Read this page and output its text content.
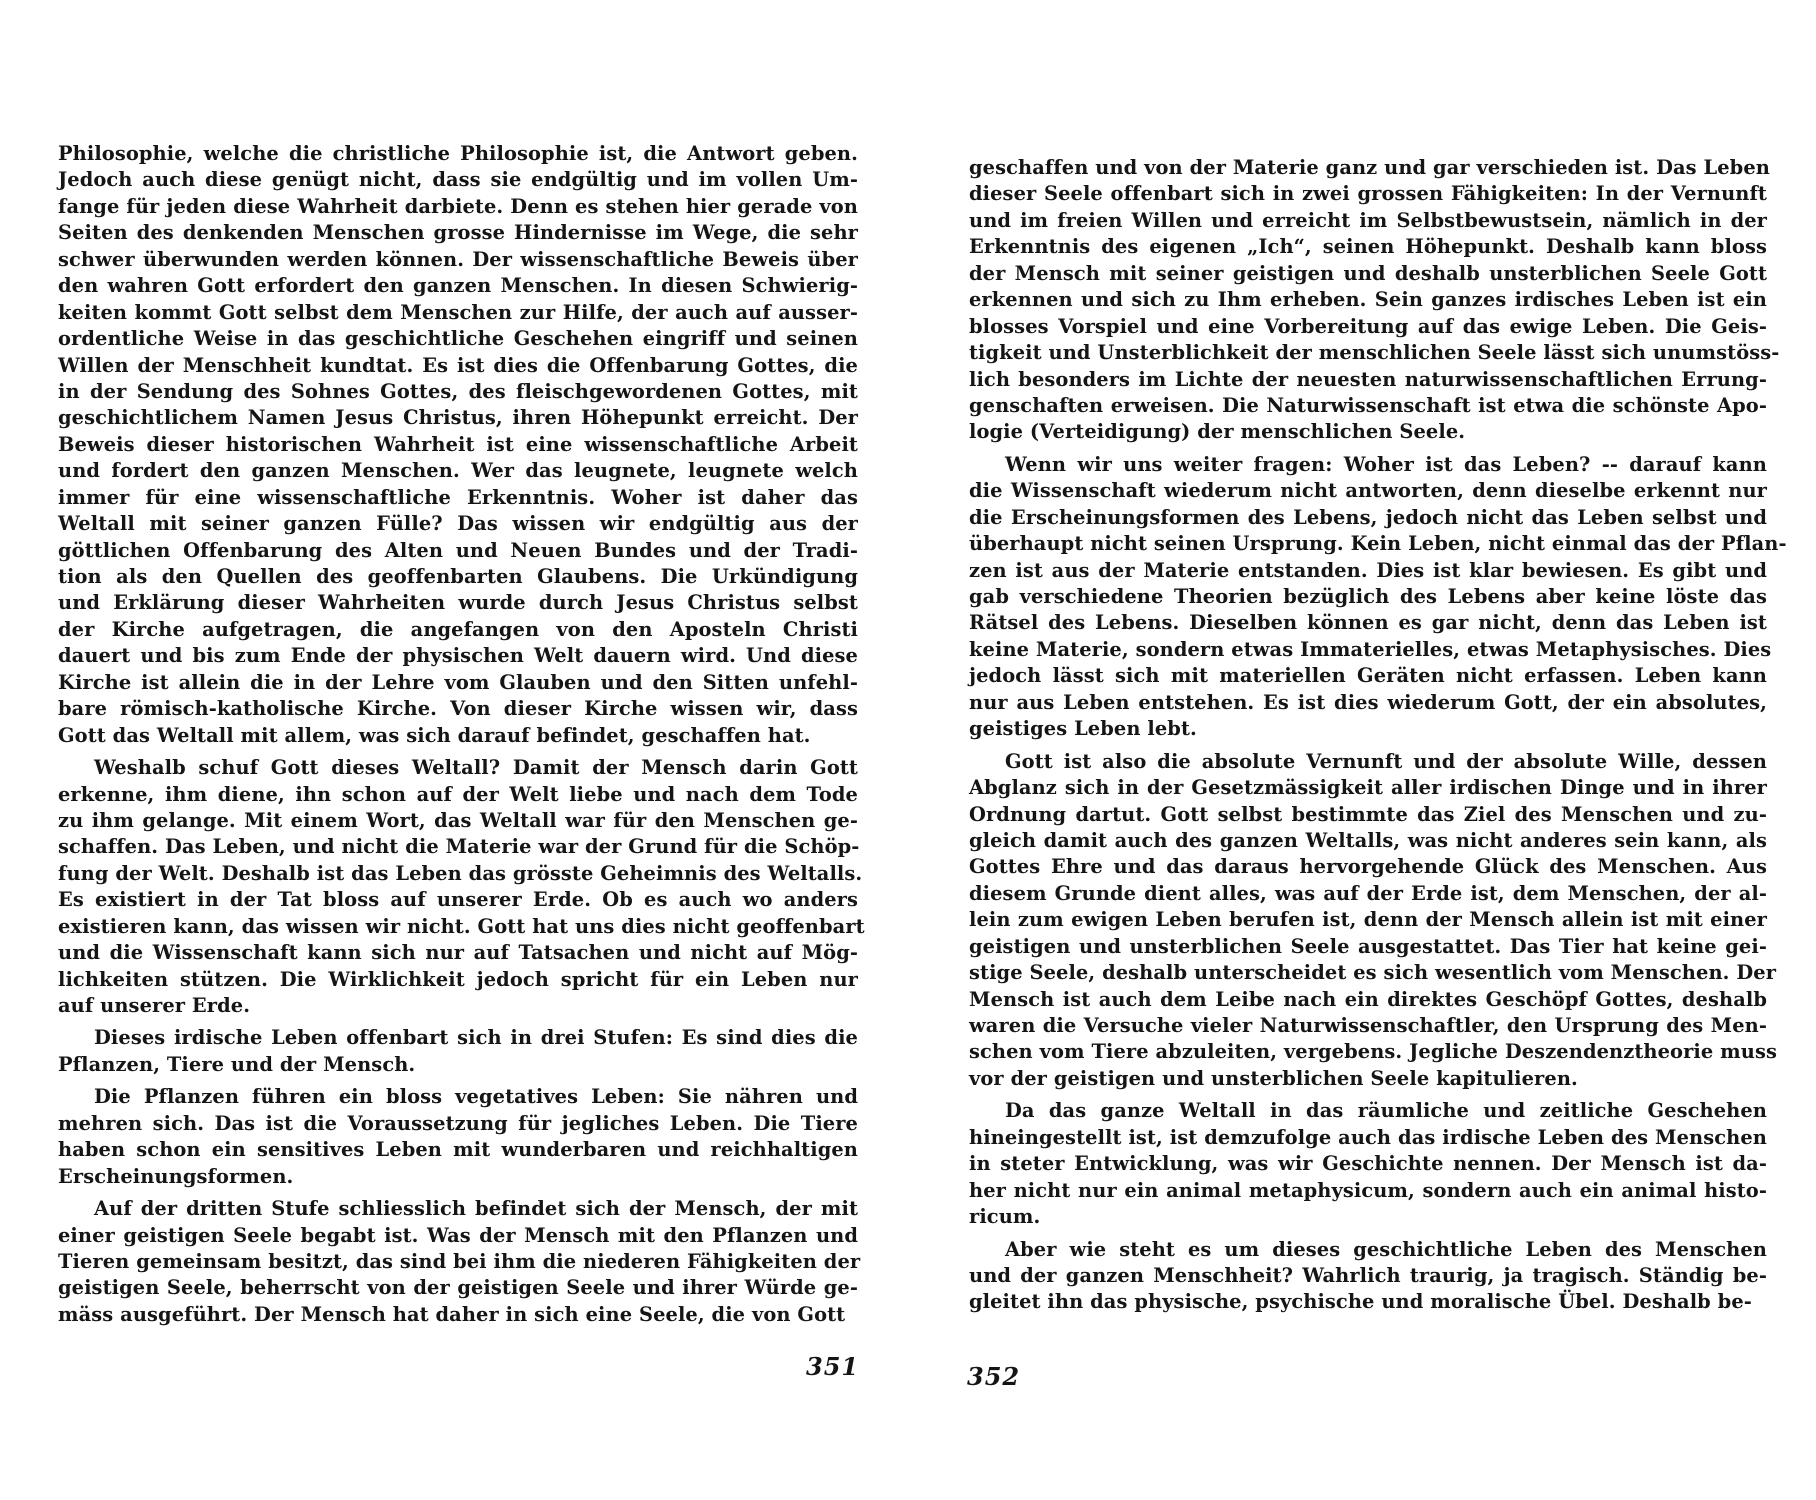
Philosophie, welche die christliche Philosophie ist, die Antwort geben.
Jedoch auch diese genügt nicht, dass sie endgültig und im vollen Um-
fange für jeden diese Wahrheit darbiete. Denn es stehen hier gerade von
Seiten des denkenden Menschen grosse Hindernisse im Wege, die sehr
schwer überwunden werden können. Der wissenschaftliche Beweis über
den wahren Gott erfordert den ganzen Menschen. In diesen Schwierig-
keiten kommt Gott selbst dem Menschen zur Hilfe, der auch auf ausser-
ordentliche Weise in das geschichtliche Geschehen eingriff und seinen
Willen der Menschheit kundtat. Es ist dies die Offenbarung Gottes, die
in der Sendung des Sohnes Gottes, des fleischgewordenen Gottes, mit
geschichtlichem Namen Jesus Christus, ihren Höhepunkt erreicht. Der
Beweis dieser historischen Wahrheit ist eine wissenschaftliche Arbeit
und fordert den ganzen Menschen. Wer das leugnete, leugnete welch
immer für eine wissenschaftliche Erkenntnis. Woher ist daher das
Weltall mit seiner ganzen Fülle? Das wissen wir endgültig aus der
göttlichen Offenbarung des Alten und Neuen Bundes und der Tradi-
tion als den Quellen des geoffenbarten Glaubens. Die Urkündigung
und Erklärung dieser Wahrheiten wurde durch Jesus Christus selbst
der Kirche aufgetragen, die angefangen von den Aposteln Christi
dauert und bis zum Ende der physischen Welt dauern wird. Und diese
Kirche ist allein die in der Lehre vom Glauben und den Sitten unfehl-
bare römisch-katholische Kirche. Von dieser Kirche wissen wir, dass
Gott das Weltall mit allem, was sich darauf befindet, geschaffen hat.
Weshalb schuf Gott dieses Weltall? Damit der Mensch darin Gott
erkenne, ihm diene, ihn schon auf der Welt liebe und nach dem Tode
zu ihm gelange. Mit einem Wort, das Weltall war für den Menschen ge-
schaffen. Das Leben, und nicht die Materie war der Grund für die Schöp-
fung der Welt. Deshalb ist das Leben das grösste Geheimnis des Weltalls.
Es existiert in der Tat bloss auf unserer Erde. Ob es auch wo anders
existieren kann, das wissen wir nicht. Gott hat uns dies nicht geoffenbart
und die Wissenschaft kann sich nur auf Tatsachen und nicht auf Mög-
lichkeiten stützen. Die Wirklichkeit jedoch spricht für ein Leben nur
auf unserer Erde.
Dieses irdische Leben offenbart sich in drei Stufen: Es sind dies die
Pflanzen, Tiere und der Mensch.
Die Pflanzen führen ein bloss vegetatives Leben: Sie nähren und
mehren sich. Das ist die Voraussetzung für jegliches Leben. Die Tiere
haben schon ein sensitives Leben mit wunderbaren und reichhaltigen
Erscheinungsformen.
Auf der dritten Stufe schliesslich befindet sich der Mensch, der mit
einer geistigen Seele begabt ist. Was der Mensch mit den Pflanzen und
Tieren gemeinsam besitzt, das sind bei ihm die niederen Fähigkeiten der
geistigen Seele, beherrscht von der geistigen Seele und ihrer Würde ge-
mäss ausgeführt. Der Mensch hat daher in sich eine Seele, die von Gott
geschaffen und von der Materie ganz und gar verschieden ist. Das Leben
dieser Seele offenbart sich in zwei grossen Fähigkeiten: In der Vernunft
und im freien Willen und erreicht im Selbstbewustsein, nämlich in der
Erkenntnis des eigenen „Ich“, seinen Höhepunkt. Deshalb kann bloss
der Mensch mit seiner geistigen und deshalb unsterblichen Seele Gott
erkennen und sich zu Ihm erheben. Sein ganzes irdisches Leben ist ein
blosses Vorspiel und eine Vorbereitung auf das ewige Leben. Die Geis-
tigkeit und Unsterblichkeit der menschlichen Seele lässt sich unumstöss-
lich besonders im Lichte der neuesten naturwissenschaftlichen Errung-
genschaften erweisen. Die Naturwissenschaft ist etwa die schönste Apo-
logie (Verteidigung) der menschlichen Seele.
Wenn wir uns weiter fragen: Woher ist das Leben? -- darauf kann
die Wissenschaft wiederum nicht antworten, denn dieselbe erkennt nur
die Erscheinungsformen des Lebens, jedoch nicht das Leben selbst und
überhaupt nicht seinen Ursprung. Kein Leben, nicht einmal das der Pflan-
zen ist aus der Materie entstanden. Dies ist klar bewiesen. Es gibt und
gab verschiedene Theorien bezüglich des Lebens aber keine löste das
Rätsel des Lebens. Dieselben können es gar nicht, denn das Leben ist
keine Materie, sondern etwas Immaterielles, etwas Metaphysisches. Dies
jedoch lässt sich mit materiellen Geräten nicht erfassen. Leben kann
nur aus Leben entstehen. Es ist dies wiederum Gott, der ein absolutes,
geistiges Leben lebt.
Gott ist also die absolute Vernunft und der absolute Wille, dessen
Abglanz sich in der Gesetzmässigkeit aller irdischen Dinge und in ihrer
Ordnung dartut. Gott selbst bestimmte das Ziel des Menschen und zu-
gleich damit auch des ganzen Weltalls, was nicht anderes sein kann, als
Gottes Ehre und das daraus hervorgehende Glück des Menschen. Aus
diesem Grunde dient alles, was auf der Erde ist, dem Menschen, der al-
lein zum ewigen Leben berufen ist, denn der Mensch allein ist mit einer
geistigen und unsterblichen Seele ausgestattet. Das Tier hat keine gei-
stige Seele, deshalb unterscheidet es sich wesentlich vom Menschen. Der
Mensch ist auch dem Leibe nach ein direktes Geschöpf Gottes, deshalb
waren die Versuche vieler Naturwissenschaftler, den Ursprung des Men-
schen vom Tiere abzuleiten, vergebens. Jegliche Deszendenztheorie muss
vor der geistigen und unsterblichen Seele kapitulieren.
Da das ganze Weltall in das räumliche und zeitliche Geschehen
hineingestellt ist, ist demzufolge auch das irdische Leben des Menschen
in steter Entwicklung, was wir Geschichte nennen. Der Mensch ist da-
her nicht nur ein animal metaphysicum, sondern auch ein animal histo-
ricum.
Aber wie steht es um dieses geschichtliche Leben des Menschen
und der ganzen Menschheit? Wahrlich traurig, ja tragisch. Ständig be-
gleitet ihn das physische, psychische und moralische Übel. Deshalb be-
351	352
